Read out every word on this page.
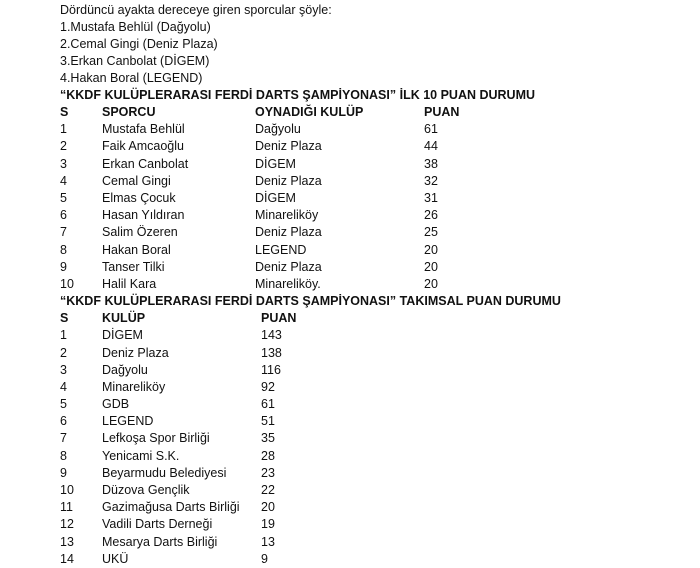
Dördüncü ayakta dereceye giren sporcular şöyle:
1.Mustafa Behlül (Dağyolu)
2.Cemal Gingi (Deniz Plaza)
3.Erkan Canbolat (DİGEM)
4.Hakan Boral (LEGEND)
“KKDF KULÜPLERARASI FERDİ DARTS ŞAMPİYONASI” İLK 10 PUAN DURUMU
S	SPORCU	OYNADIĞI KULÜP	PUAN
1	Mustafa Behlül	Dağyolu	61
2	Faik Amcaoğlu	Deniz Plaza	44
3	Erkan Canbolat	DİGEM	38
4	Cemal Gingi	Deniz Plaza	32
5	Elmas Çocuk	DİGEM	31
6	Hasan Yıldıran	Minareliköy	26
7	Salim Özeren	Deniz Plaza	25
8	Hakan Boral	LEGEND	20
9	Tanser Tilki	Deniz Plaza	20
10	Halil Kara	Minareliköy.	20
“KKDF KULÜPLERARASI FERDİ DARTS ŞAMPİYONASI” TAKIMSAL PUAN DURUMU
S	KULÜP	PUAN
1	DİGEM	143
2	Deniz Plaza	138
3	Dağyolu	116
4	Minareliköy	92
5	GDB	61
6	LEGEND	51
7	Lefkoşa Spor Birliği	35
8	Yenicami S.K.	28
9	Beyarmudu Belediyesi	23
10	Düzova Gençlik	22
11	Gazimağusa Darts Birliği	20
12	Vadili Darts Derneği	19
13	Mesarya Darts Birliği	13
14	UKÜ	9
